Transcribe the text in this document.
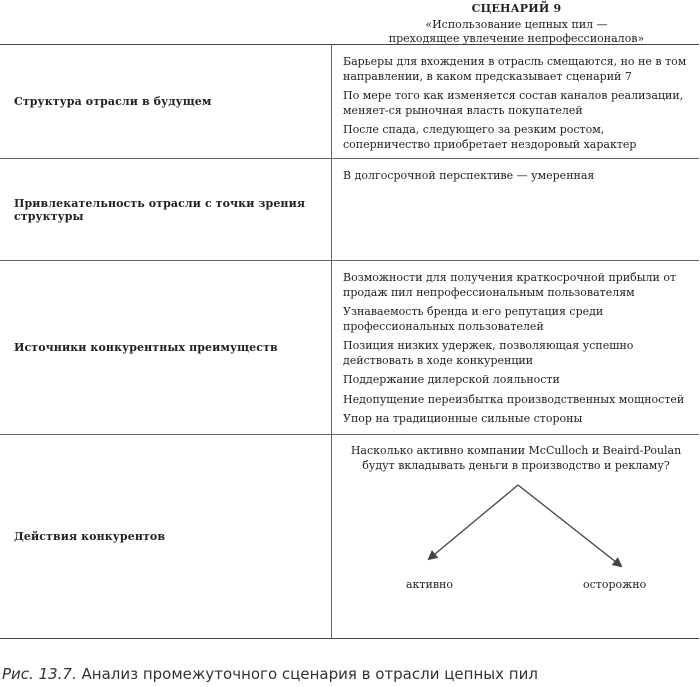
СЦЕНАРИЙ 9
«Использование цепных пил —
преходящее увлечение непрофессионалов»
Структура отрасли в будущем
Барьеры для вхождения в отрасль смещаются, но не в том направлении, в каком предсказывает сценарий 7
По мере того как изменяется состав каналов реализации, меняет-ся рыночная власть покупателей
После спада, следующего за резким ростом, соперничество приобретает нездоровый характер
Привлекательность отрасли с точки зрения структуры
В долгосрочной перспективе — умеренная
Источники конкурентных преимуществ
Возможности для получения краткосрочной прибыли от продаж пил непрофессиональным пользователям
Узнаваемость бренда и его репутация среди профессиональных пользователей
Позиция низких удержек, позволяющая успешно действовать в ходе конкуренции
Поддержание дилерской лояльности
Недопущение переизбытка производственных мощностей
Упор на традиционные сильные стороны
Действия конкурентов
Насколько активно компании McCulloch и Beaird-Poulan будут вкладывать деньги в производство и рекламу?
активно	осторожно
Рис. 13.7. Анализ промежуточного сценария в отрасли цепных пил
